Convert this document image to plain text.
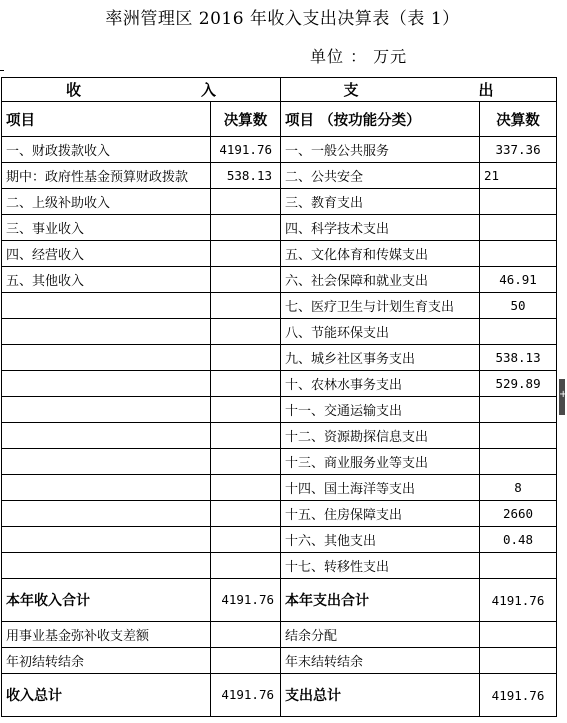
率洲管理区 2016 年收入支出决算表（表 1）
单位 ： 万元
收　　　　　　　　入		支　　　　　　　　出	
项目	决算数	项目 （按功能分类）	决算数
一、财政拨款收入	4191.76	一、一般公共服务	337.36
期中：政府性基金预算财政拨款	538.13	二、公共安全	21
二、上级补助收入		三、教育支出	
三、事业收入		四、科学技术支出	
四、经营收入		五、文化体育和传媒支出	
五、其他收入		六、社会保障和就业支出	46.91
		七、医疗卫生与计划生育支出	50
		八、节能环保支出	
		九、城乡社区事务支出	538.13
		十、农林水事务支出	529.89
		十一、交通运输支出	
		十二、资源勘探信息支出	
		十三、商业服务业等支出	
		十四、国土海洋等支出	8
		十五、住房保障支出	2660
		十六、其他支出	0.48
		十七、转移性支出	
本年收入合计	4191.76	本年支出合计	4191.76
用事业基金弥补收支差额		结余分配	
年初结转结余		年末结转结余	
收入总计	4191.76	支出总计	4191.76
+
